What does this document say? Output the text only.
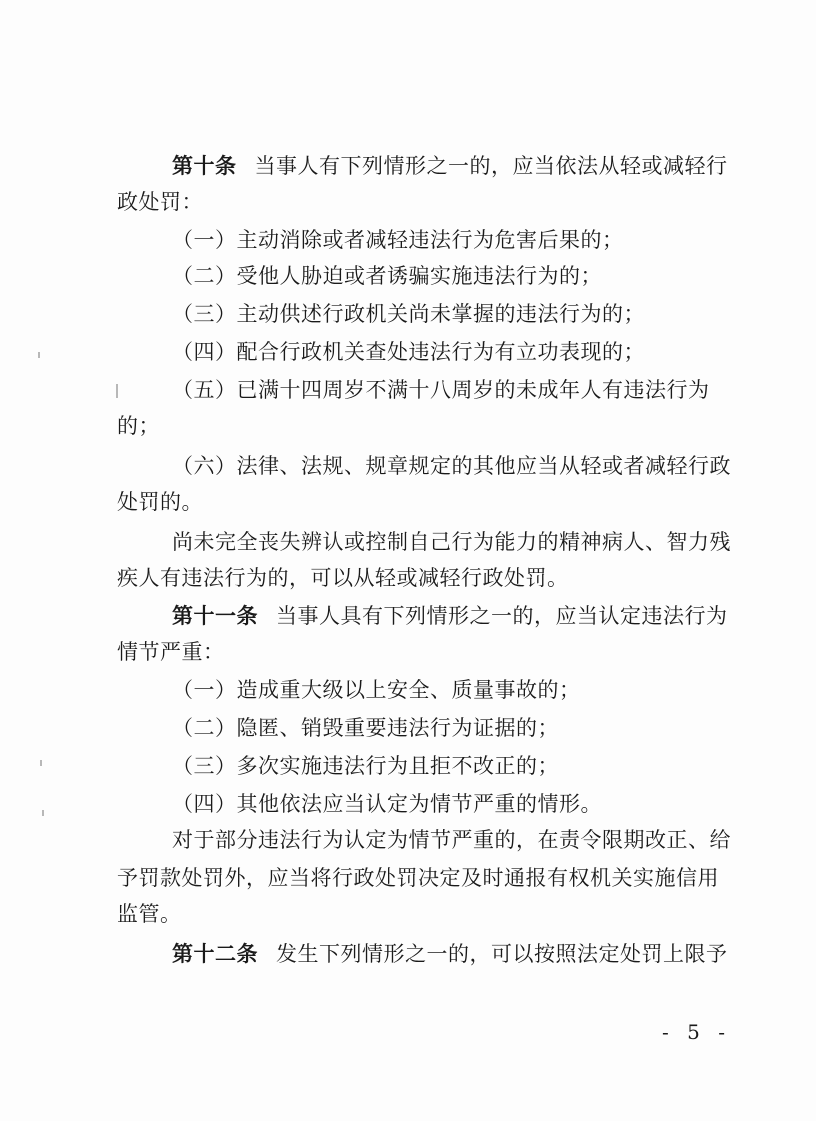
第十条 当事人有下列情形之一的，应当依法从轻或减轻行
政处罚：
（一）主动消除或者减轻违法行为危害后果的；
（二）受他人胁迫或者诱骗实施违法行为的；
（三）主动供述行政机关尚未掌握的违法行为的；
（四）配合行政机关查处违法行为有立功表现的；
（五）已满十四周岁不满十八周岁的未成年人有违法行为
的；
（六）法律、法规、规章规定的其他应当从轻或者减轻行政
处罚的。
尚未完全丧失辨认或控制自己行为能力的精神病人、智力残
疾人有违法行为的，可以从轻或减轻行政处罚。
第十一条 当事人具有下列情形之一的，应当认定违法行为
情节严重：
（一）造成重大级以上安全、质量事故的；
（二）隐匿、销毁重要违法行为证据的；
（三）多次实施违法行为且拒不改正的；
（四）其他依法应当认定为情节严重的情形。
对于部分违法行为认定为情节严重的，在责令限期改正、给
予罚款处罚外，应当将行政处罚决定及时通报有权机关实施信用
监管。
第十二条 发生下列情形之一的，可以按照法定处罚上限予
- 5 -
